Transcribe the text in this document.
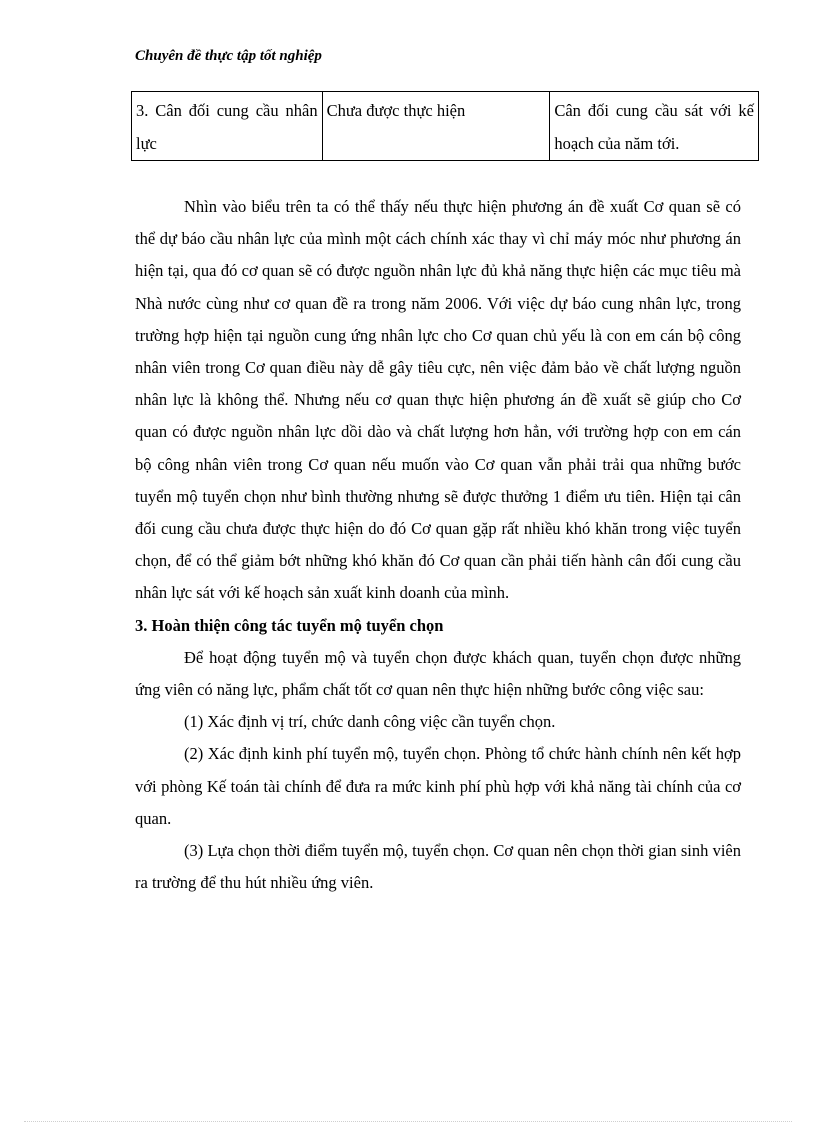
Chuyên đề thực tập tốt nghiệp
3. Cân đối cung cầu nhân lực	Chưa được thực hiện	Cân đối cung cầu sát với kế hoạch của năm tới.

Nhìn vào biểu trên ta có thể thấy nếu thực hiện phương án đề xuất Cơ quan sẽ có thể dự báo cầu nhân lực của mình một cách chính xác thay vì chỉ máy móc như phương án hiện tại, qua đó cơ quan sẽ có được nguồn nhân lực đủ khả năng thực hiện các mục tiêu mà Nhà nước cùng như cơ quan đề ra trong năm 2006. Với việc dự báo cung nhân lực, trong trường hợp hiện tại nguồn cung ứng nhân lực cho Cơ quan chủ yếu là con em cán bộ công nhân viên trong Cơ quan điều này dễ gây tiêu cực, nên việc đảm bảo về chất lượng nguồn nhân lực là không thể. Nhưng nếu cơ quan thực hiện phương án đề xuất sẽ giúp cho Cơ quan có được nguồn nhân lực dồi dào và chất lượng hơn hẳn, với trường hợp con em cán bộ công nhân viên trong Cơ quan nếu muốn vào Cơ quan vẫn phải trải qua những bước tuyển mộ tuyển chọn như bình thường nhưng sẽ được thưởng 1 điểm ưu tiên. Hiện tại cân đối cung cầu chưa được thực hiện do đó Cơ quan gặp rất nhiều khó khăn trong việc tuyển chọn, để có thể giảm bớt những khó khăn đó Cơ quan cần phải tiến hành cân đối cung cầu nhân lực sát với kế hoạch sản xuất kinh doanh của mình.

3. Hoàn thiện công tác tuyển mộ tuyển chọn

Để hoạt động tuyển mộ và tuyển chọn được khách quan, tuyển chọn được những ứng viên có năng lực, phẩm chất tốt cơ quan nên thực hiện những bước công việc sau:

(1) Xác định vị trí, chức danh công việc cần tuyển chọn.

(2) Xác định kinh phí tuyển mộ, tuyển chọn. Phòng tổ chức hành chính nên kết hợp với phòng Kế toán tài chính để đưa ra mức kinh phí phù hợp với khả năng tài chính của cơ quan.

(3) Lựa chọn thời điểm tuyển mộ, tuyển chọn. Cơ quan nên chọn thời gian sinh viên ra trường để thu hút nhiều ứng viên.
